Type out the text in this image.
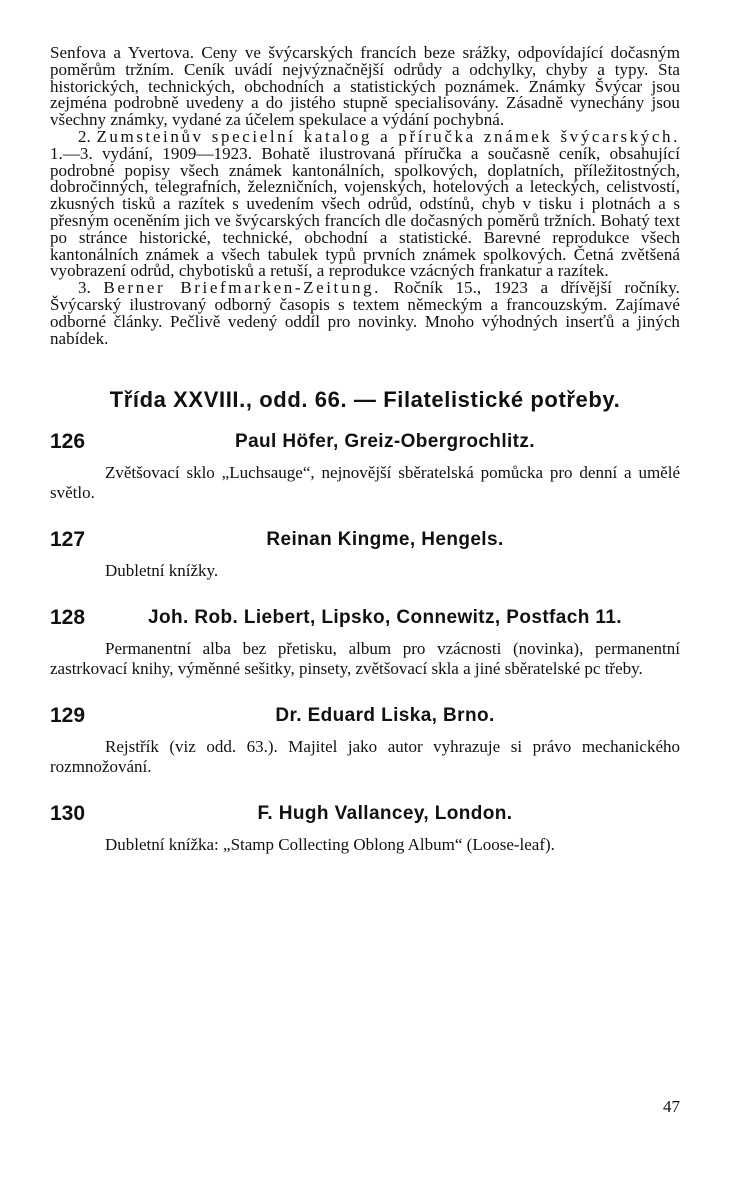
Senfova a Yvertova. Ceny ve švýcarských francích beze srážky, odpovídající dočasným poměrům tržním. Ceník uvádí nejvýznačnější odrůdy a odchylky, chyby a typy. Sta historických, technických, obchodních a statistických poznámek. Známky Švýcar jsou zejména podrobně uvedeny a do jistého stupně specialisovány. Zásadně vynechány jsou všechny známky, vydané za účelem spekulace a výdání pochybná.

2. Zumsteinův specielní katalog a příručka známek švýcarských. 1.—3. vydání, 1909—1923. Bohatě ilustrovaná příručka a současně ceník, obsahující podrobné popisy všech známek kantonálních, spolkových, doplatních, příležitostných, dobročinných, telegrafních, železničních, vojenských, hotelových a leteckých, celistvostí, zkusných tisků a razítek s uvedením všech odrůd, odstínů, chyb v tisku i plotnách a s přesným oceněním jich ve švýcarských francích dle dočasných poměrů tržních. Bohatý text po stránce historické, technické, obchodní a statistické. Barevné reprodukce všech kantonálních známek a všech tabulek typů prvních známek spolkových. Četná zvětšená vyobrazení odrůd, chybotisků a retuší, a reprodukce vzácných frankatur a razítek.

3. Berner Briefmarken-Zeitung. Ročník 15., 1923 a dřívější ročníky. Švýcarský ilustrovaný odborný časopis s textem německým a francouzským. Zajímavé odborné články. Pečlivě vedený oddíl pro novinky. Mnoho výhodných inserťů a jiných nabídek.

Třída XXVIII., odd. 66. — Filatelistické potřeby.
126	Paul Höfer, Greiz-Obergrochlitz.

Zvětšovací sklo „Luchsauge“, nejnovější sběratelská pomůcka pro denní a umělé světlo.

127	Reinan Kingme, Hengels.

Dubletní knížky.

128	Joh. Rob. Liebert, Lipsko, Connewitz, Postfach 11.

Permanentní alba bez přetisku, album pro vzácnosti (novinka), permanentní zastrkovací knihy, výměnné sešitky, pinsety, zvětšovací skla a jiné sběratelské pc třeby.

129	Dr. Eduard Liska, Brno.

Rejstřík (viz odd. 63.). Majitel jako autor vyhrazuje si právo mechanického rozmnožování.

130	F. Hugh Vallancey, London.

Dubletní knížka: „Stamp Collecting Oblong Album“ (Loose-leaf).

47
